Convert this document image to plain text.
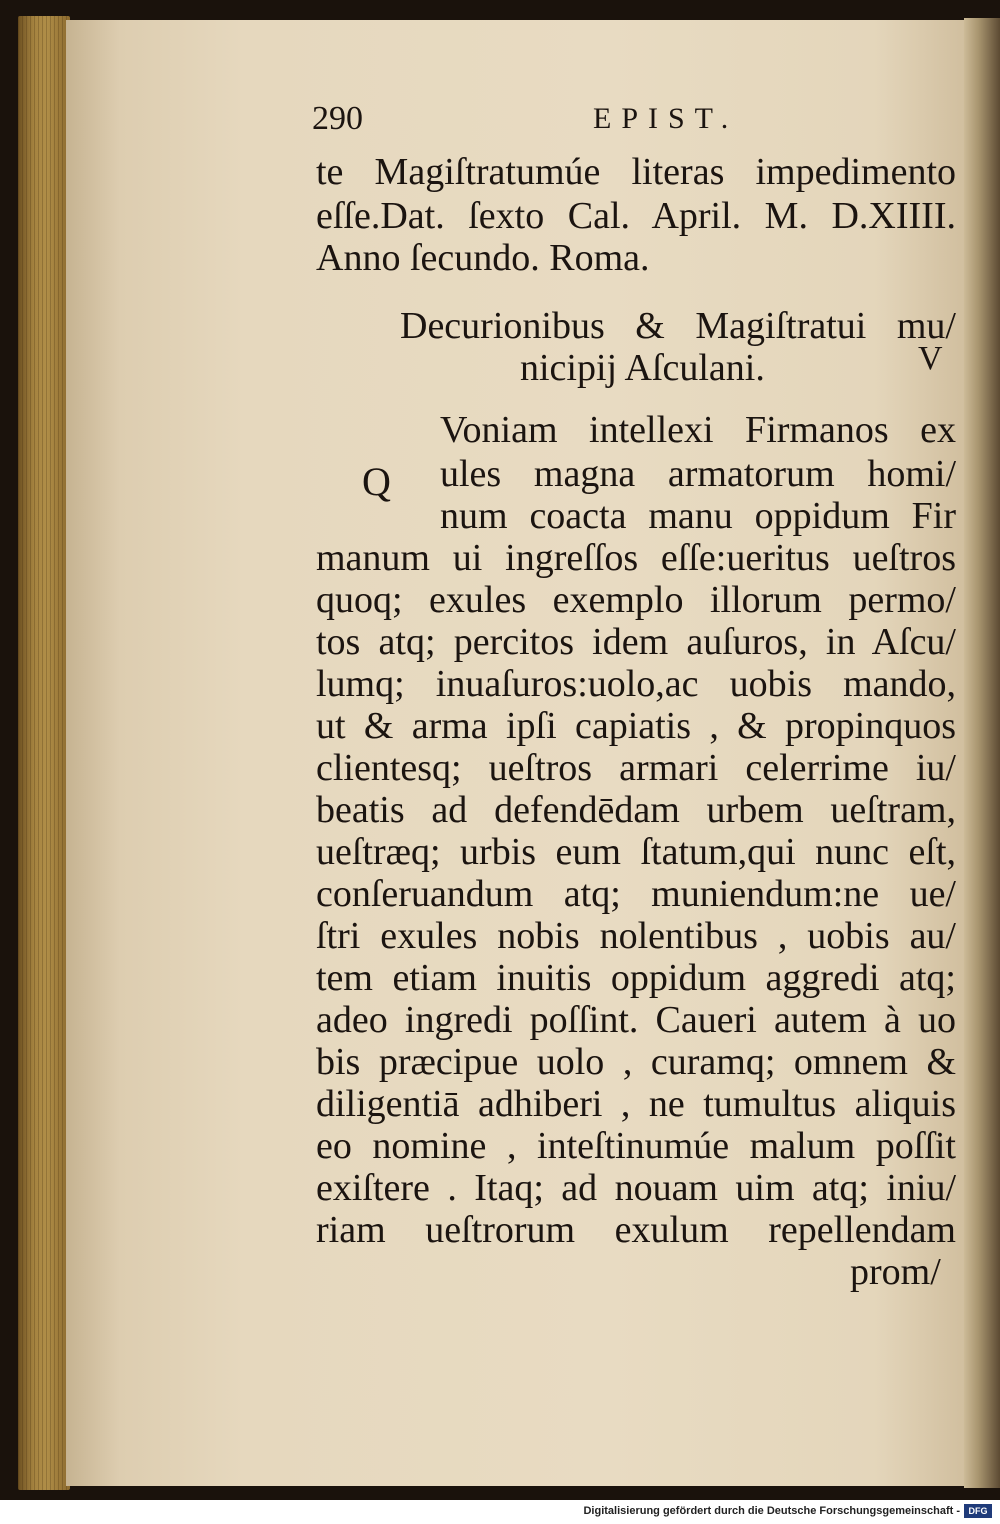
290	EPIST.
te Magiſtratumúe literas impedimento
eſſe.Dat. ſexto Cal. April. M. D.XIIII.
Anno ſecundo. Roma.
Decurionibus & Magiſtratui mu/
nicipij Aſculani.
Voniam intellexi Firmanos ex
ules magna armatorum homi/
num coacta manu oppidum Fir
manum ui ingreſſos eſſe:ueritus ueſtros
quoq; exules exemplo illorum permo/
tos atq; percitos idem auſuros, in Aſcu/
lumq; inuaſuros:uolo,ac uobis mando,
ut & arma ipſi capiatis , & propinquos
clientesq; ueſtros armari celerrime iu/
beatis ad defendēdam urbem ueſtram,
ueſtræq; urbis eum ſtatum,qui nunc eſt,
conſeruandum atq; muniendum:ne ue/
ſtri exules nobis nolentibus , uobis au/
tem etiam inuitis oppidum aggredi atq;
adeo ingredi poſſint. Caueri autem à uo
bis præcipue uolo , curamq; omnem &
diligentiā adhiberi , ne tumultus aliquis
eo nomine , inteſtinumúe malum poſſit
exiſtere . Itaq; ad nouam uim atq; iniu/
riam ueſtrorum exulum repellendam
prom/
Q
V
Digitalisierung gefördert durch die Deutsche Forschungsgemeinschaft - DFG
